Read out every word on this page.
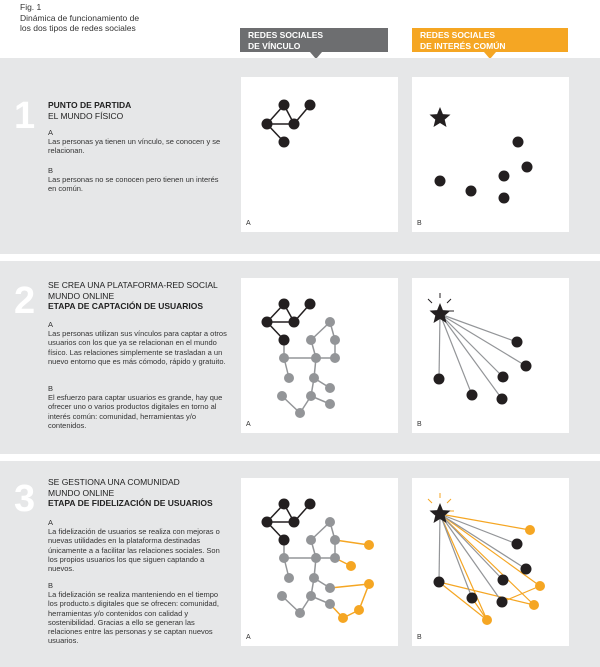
Fig. 1
Dinámica de funcionamiento de
los dos tipos de redes sociales
REDES SOCIALES
DE VÍNCULO
REDES SOCIALES
DE INTERÉS COMÚN
1 PUNTO DE PARTIDA
EL MUNDO FÍSICO
A
Las personas ya tienen un vínculo, se conocen y se relacionan.
B
Las personas no se conocen pero tienen un interés en común.
A	B
2 SE CREA UNA PLATAFORMA-RED SOCIAL
MUNDO ONLINE
ETAPA DE CAPTACIÓN DE USUARIOS
A
Las personas utilizan sus vínculos para captar a otros usuarios con los que ya se relacionan en el mundo físico. Las relaciones simplemente se trasladan a un nuevo entorno que es más cómodo, rápido y gratuito.
B
El esfuerzo para captar usuarios es grande, hay que ofrecer uno o varios productos digitales en torno al interés común: comunidad, herramientas y/o contenidos.	A	B
3 SE GESTIONA UNA COMUNIDAD
MUNDO ONLINE
ETAPA DE FIDELIZACIÓN DE USUARIOS
A
La fidelización de usuarios se realiza con mejoras o nuevas utilidades en la plataforma destinadas únicamente a a facilitar las relaciones sociales. Son los propios usuarios los que siguen captando a nuevos.
B
La fidelización se realiza manteniendo en el tiempo los producto.s digitales que se ofrecen: comunidad, herramientas y/o contenidos con calidad y sostenibilidad. Gracias a ello se generan las relaciones entre las personas y se captan nuevos usuarios.	A	B
